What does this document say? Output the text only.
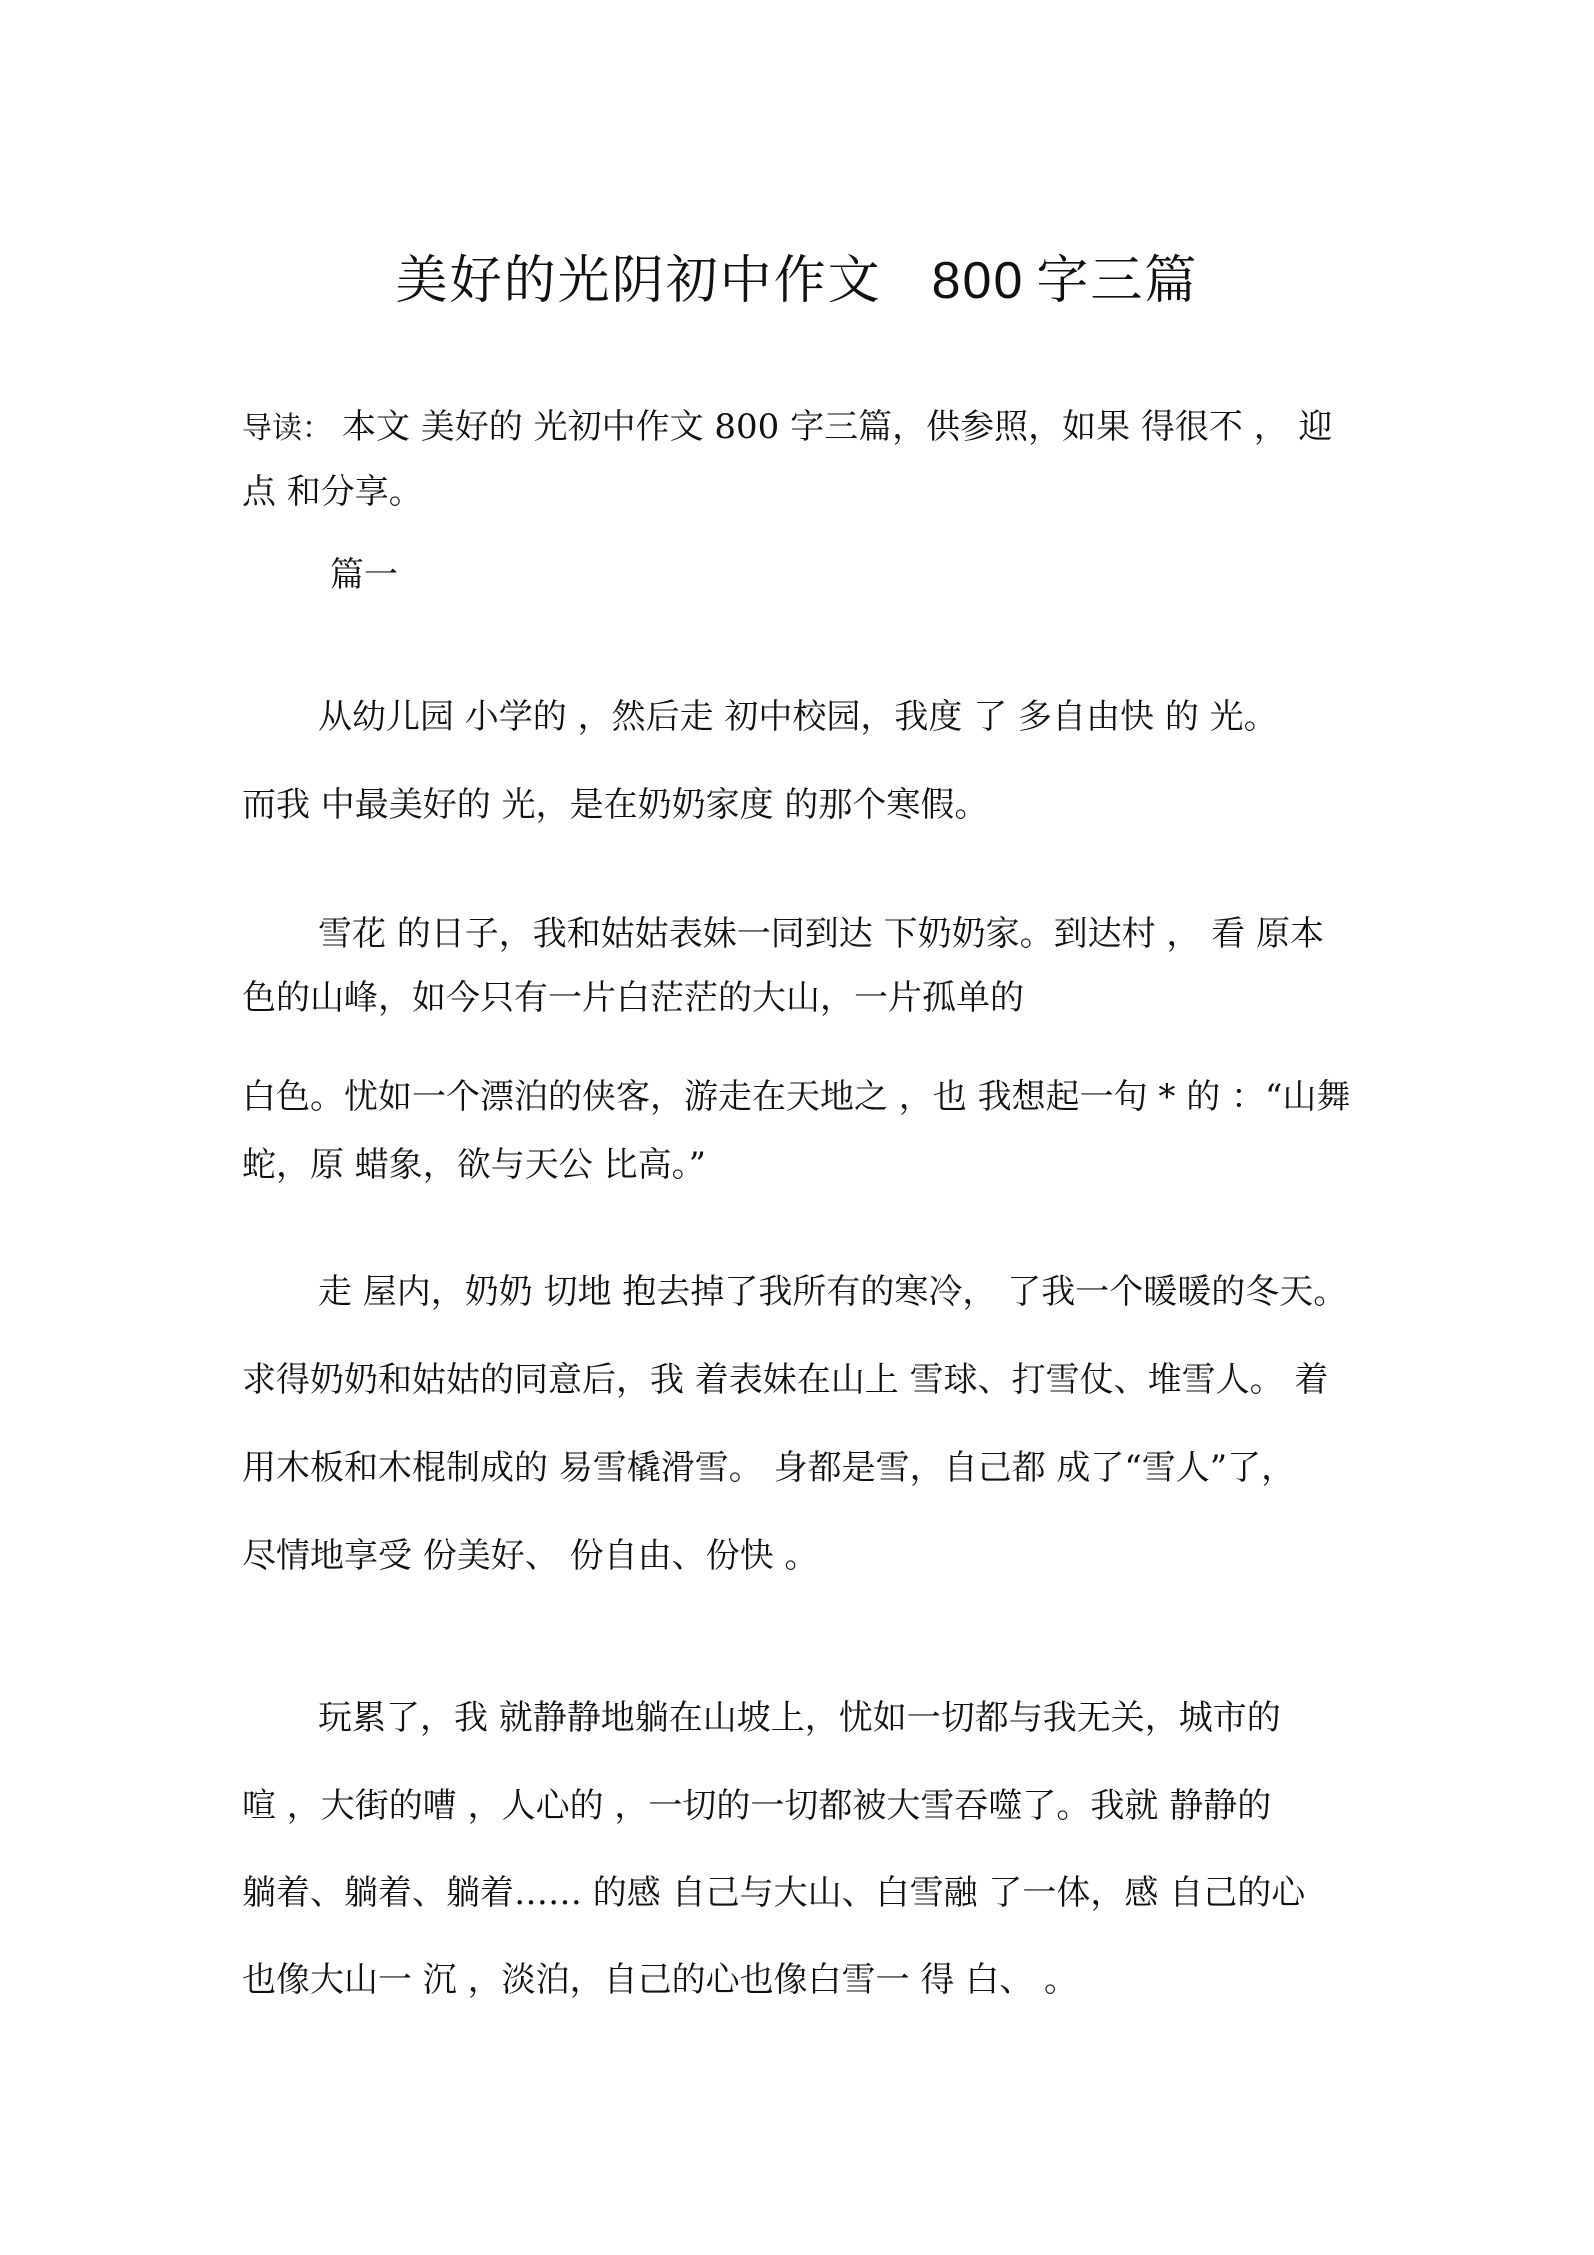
美好的光阴初中作文 800 字三篇
导读： 本文 美好的 光初中作文 800 字三篇，供参照，如果 得很不 ， 迎
点 和分享。
篇一
从幼儿园 小学的 ，然后走 初中校园，我度 了 多自由快 的 光。
而我 中最美好的 光，是在奶奶家度 的那个寒假。
雪花 的日子，我和姑姑表妹一同到达 下奶奶家。到达村 ， 看 原本
色的山峰，如今只有一片白茫茫的大山，一片孤单的
白色。忧如一个漂泊的侠客，游走在天地之 ，也 我想起一句 * 的 ：“山舞
蛇，原 蜡象，欲与天公 比高。”
走 屋内，奶奶 切地 抱去掉了我所有的寒冷， 了我一个暖暖的冬天。
求得奶奶和姑姑的同意后，我 着表妹在山上 雪球、打雪仗、堆雪人。 着
用木板和木棍制成的 易雪橇滑雪。 身都是雪，自己都 成了“雪人”了，
尽情地享受 份美好、 份自由、份快 。
玩累了，我 就静静地躺在山坡上，忧如一切都与我无关，城市的
喧 ，大街的嘈 ，人心的 ，一切的一切都被大雪吞噬了。我就 静静的
躺着、躺着、躺着…… 的感 自己与大山、白雪融 了一体，感 自己的心
也像大山一 沉 ，淡泊，自己的心也像白雪一 得 白、 。
